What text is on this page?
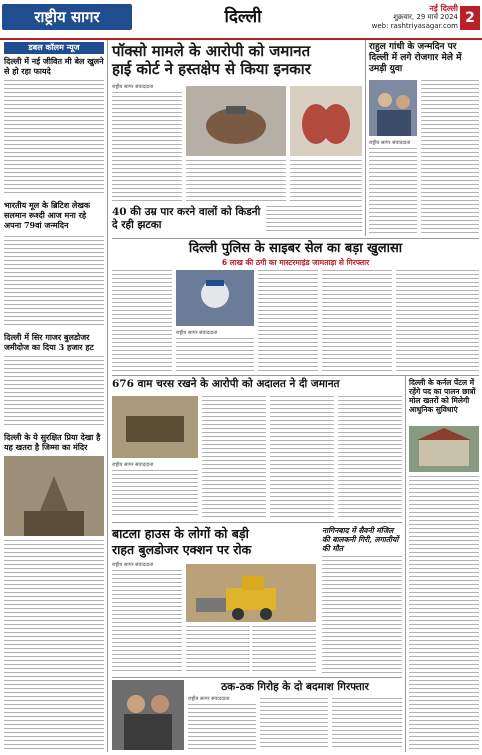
राष्ट्रीय सागर	दिल्ली	नई दिल्ली
शुक्रवार, 29 मार्च 2024
web: rashtriyasagar.com 2
डबल कॉलम न्यूज
दिल्ली में नई जीवित मी बेल खुलने से हो रहा फायदे
भारतीय मूल के ब्रिटिश लेखक सलमान रूश्दी आज मना रहे अपना 79वां जन्मदिन
दिल्ली में सिर गाजर बुलडोजर जमीदोज का दिया 3 हजार हट
दिल्ली के ये सुरक्षित प्रिया देखा है यह खतरा है जिम्मा का मंदिर
पॉक्सो मामले के आरोपी को जमानत
हाई कोर्ट ने हस्तक्षेप से किया इनकार
राष्ट्रीय सागर संवाददाता
40 की उम्र पार करने वालों को किडनी दे रही झटका
राहुल गांधी के जन्मदिन पर दिल्ली में लगे रोजगार मेले में उमड़ी युवा
राष्ट्रीय सागर संवाददाता
दिल्ली पुलिस के साइबर सेल का बड़ा खुलासा
6 लाख की ठगी का मास्टरमाइंड जामताड़ा से गिरफ्तार
राष्ट्रीय सागर संवाददाता
676 वाम चरस रखने के आरोपी को अदालत ने दी जमानत
राष्ट्रीय सागर संवाददाता
दिल्ली के कर्नल पेंटल में रहेंगे पद का पालन छात्रों मोल खतरों को मिलेगी आधुनिक सुविधाएं
बाटला हाउस के लोगों को बड़ी
राहत बुलडोजर एक्शन पर रोक
राष्ट्रीय सागर संवाददाता
नागिनबाद में सैवनी मंजिल की बालकनी गिरी, लगातीयों की मौत
ठक-ठक गिरोह के दो बदमाश गिरफ्तार
राष्ट्रीय सागर संवाददाता
